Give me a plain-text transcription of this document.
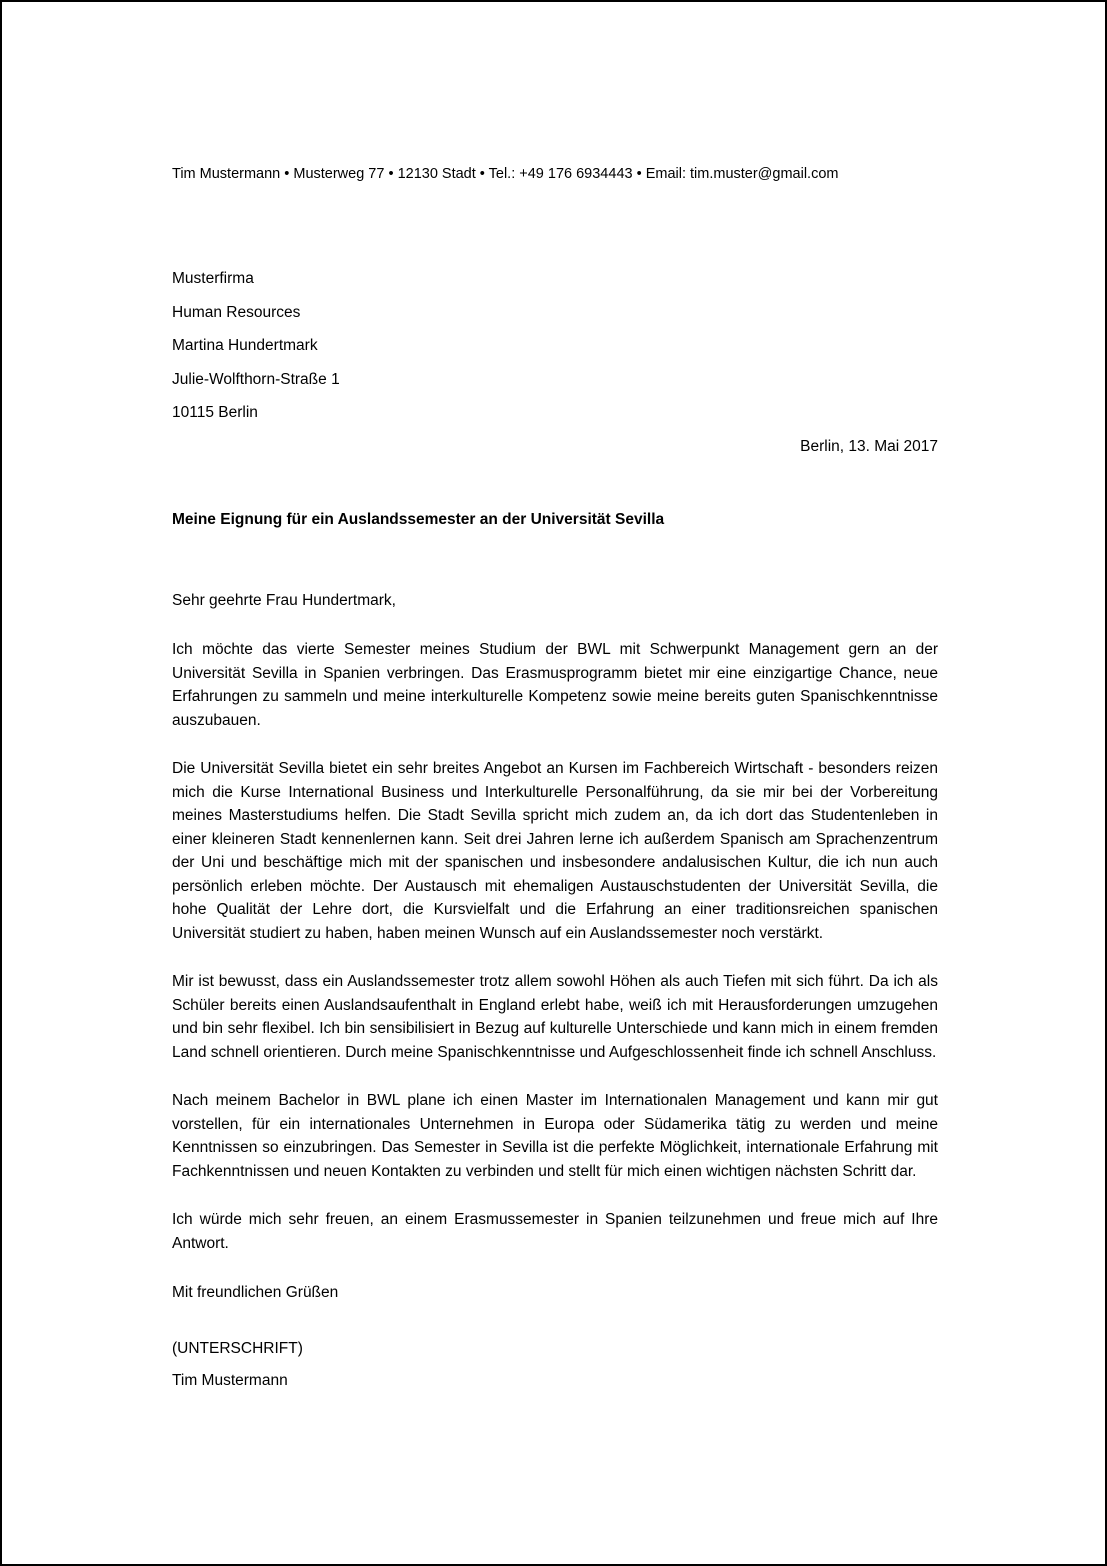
Tim Mustermann • Musterweg 77 • 12130 Stadt • Tel.: +49 176 6934443 • Email: tim.muster@gmail.com
Musterfirma
Human Resources
Martina Hundertmark
Julie-Wolfthorn-Straße 1
10115 Berlin
Berlin, 13. Mai 2017
Meine Eignung für ein Auslandssemester an der Universität Sevilla
Sehr geehrte Frau Hundertmark,

Ich möchte das vierte Semester meines Studium der BWL mit Schwerpunkt Management gern an der Universität Sevilla in Spanien verbringen. Das Erasmusprogramm bietet mir eine einzigartige Chance, neue Erfahrungen zu sammeln und meine interkulturelle Kompetenz sowie meine bereits guten Spanischkenntnisse auszubauen.

Die Universität Sevilla bietet ein sehr breites Angebot an Kursen im Fachbereich Wirtschaft - besonders reizen mich die Kurse International Business und Interkulturelle Personalführung, da sie mir bei der Vorbereitung meines Masterstudiums helfen. Die Stadt Sevilla spricht mich zudem an, da ich dort das Studentenleben in einer kleineren Stadt kennenlernen kann. Seit drei Jahren lerne ich außerdem Spanisch am Sprachenzentrum der Uni und beschäftige mich mit der spanischen und insbesondere andalusischen Kultur, die ich nun auch persönlich erleben möchte. Der Austausch mit ehemaligen Austauschstudenten der Universität Sevilla, die hohe Qualität der Lehre dort, die Kursvielfalt und die Erfahrung an einer traditionsreichen spanischen Universität studiert zu haben, haben meinen Wunsch auf ein Auslandssemester noch verstärkt.

Mir ist bewusst, dass ein Auslandssemester trotz allem sowohl Höhen als auch Tiefen mit sich führt. Da ich als Schüler bereits einen Auslandsaufenthalt in England erlebt habe, weiß ich mit Herausforderungen umzugehen und bin sehr flexibel. Ich bin sensibilisiert in Bezug auf kulturelle Unterschiede und kann mich in einem fremden Land schnell orientieren. Durch meine Spanischkenntnisse und Aufgeschlossenheit finde ich schnell Anschluss.

Nach meinem Bachelor in BWL plane ich einen Master im Internationalen Management und kann mir gut vorstellen, für ein internationales Unternehmen in Europa oder Südamerika tätig zu werden und meine Kenntnissen so einzubringen. Das Semester in Sevilla ist die perfekte Möglichkeit, internationale Erfahrung mit Fachkenntnissen und neuen Kontakten zu verbinden und stellt für mich einen wichtigen nächsten Schritt dar.

Ich würde mich sehr freuen, an einem Erasmussemester in Spanien teilzunehmen und freue mich auf Ihre Antwort.

Mit freundlichen Grüßen
(UNTERSCHRIFT)
Tim Mustermann
